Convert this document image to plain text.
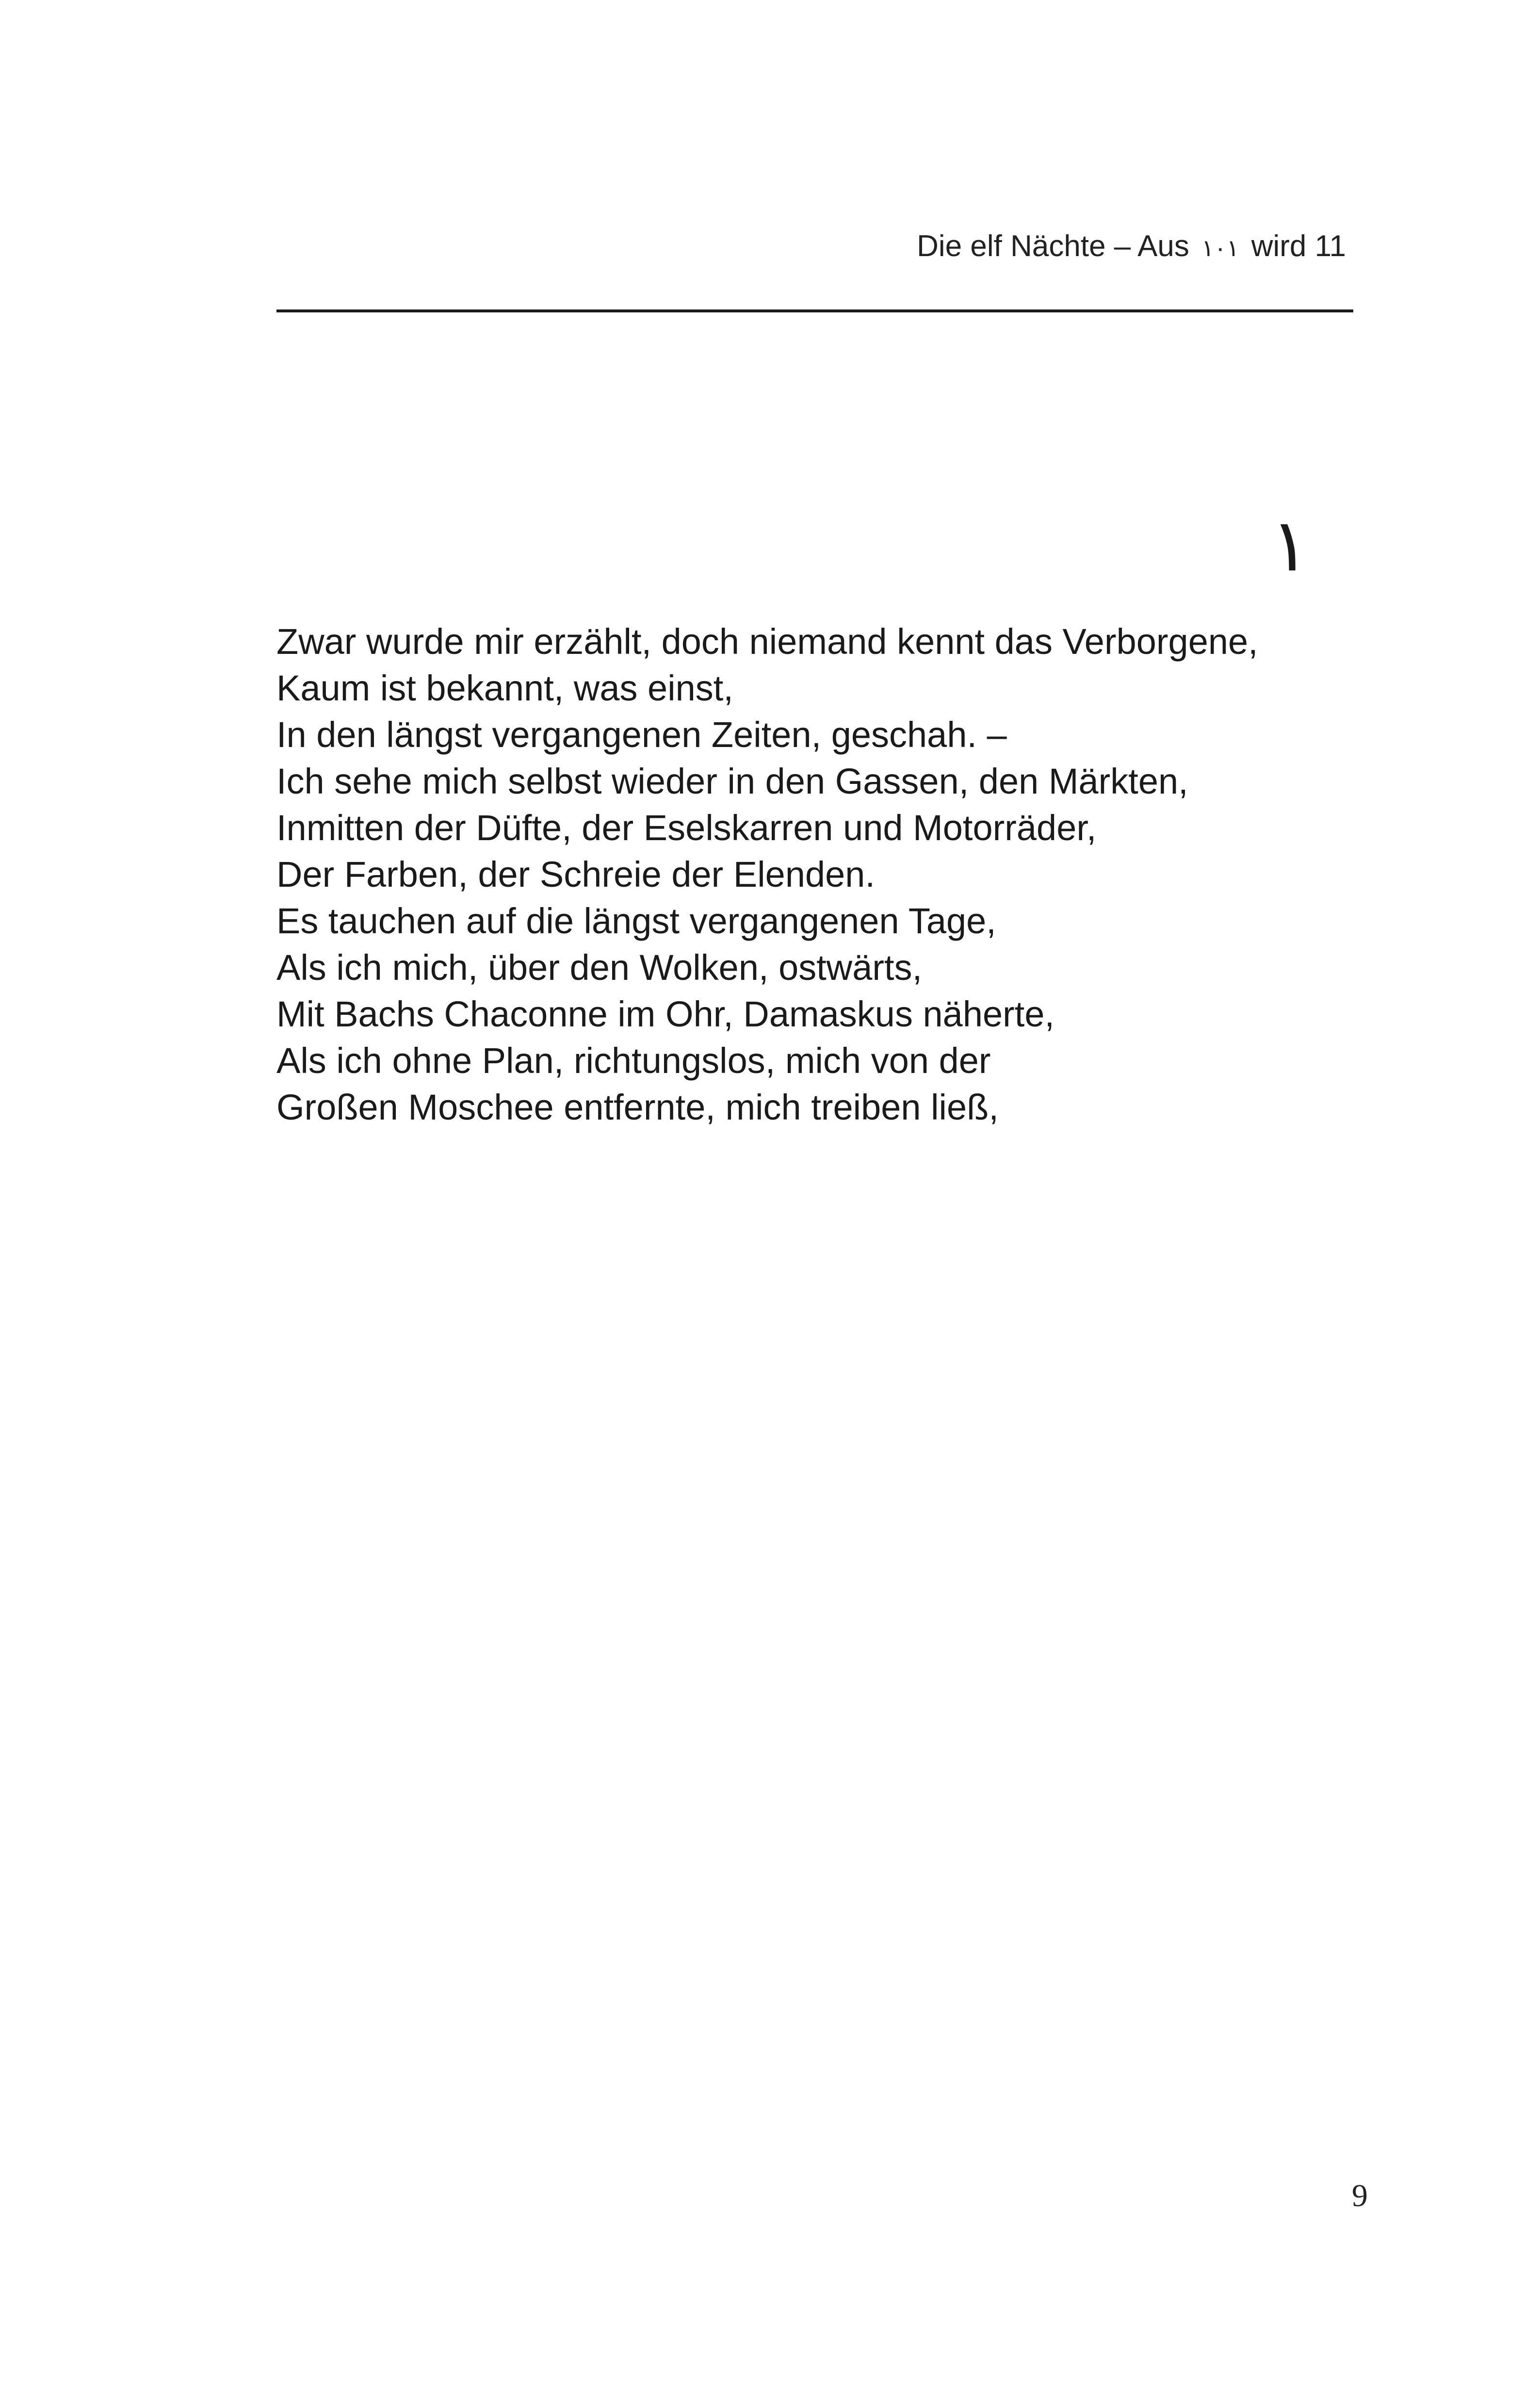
Die elf Nächte – Aus ١٠١ wird 11
١
Zwar wurde mir erzählt, doch niemand kennt das Verborgene,
Kaum ist bekannt, was einst,
In den längst vergangenen Zeiten, geschah. –
Ich sehe mich selbst wieder in den Gassen, den Märkten,
Inmitten der Düfte, der Eselskarren und Motorräder,
Der Farben, der Schreie der Elenden.
Es tauchen auf die längst vergangenen Tage,
Als ich mich, über den Wolken, ostwärts,
Mit Bachs Chaconne im Ohr, Damaskus näherte,
Als ich ohne Plan, richtungslos, mich von der
Großen Moschee entfernte, mich treiben ließ,
9
